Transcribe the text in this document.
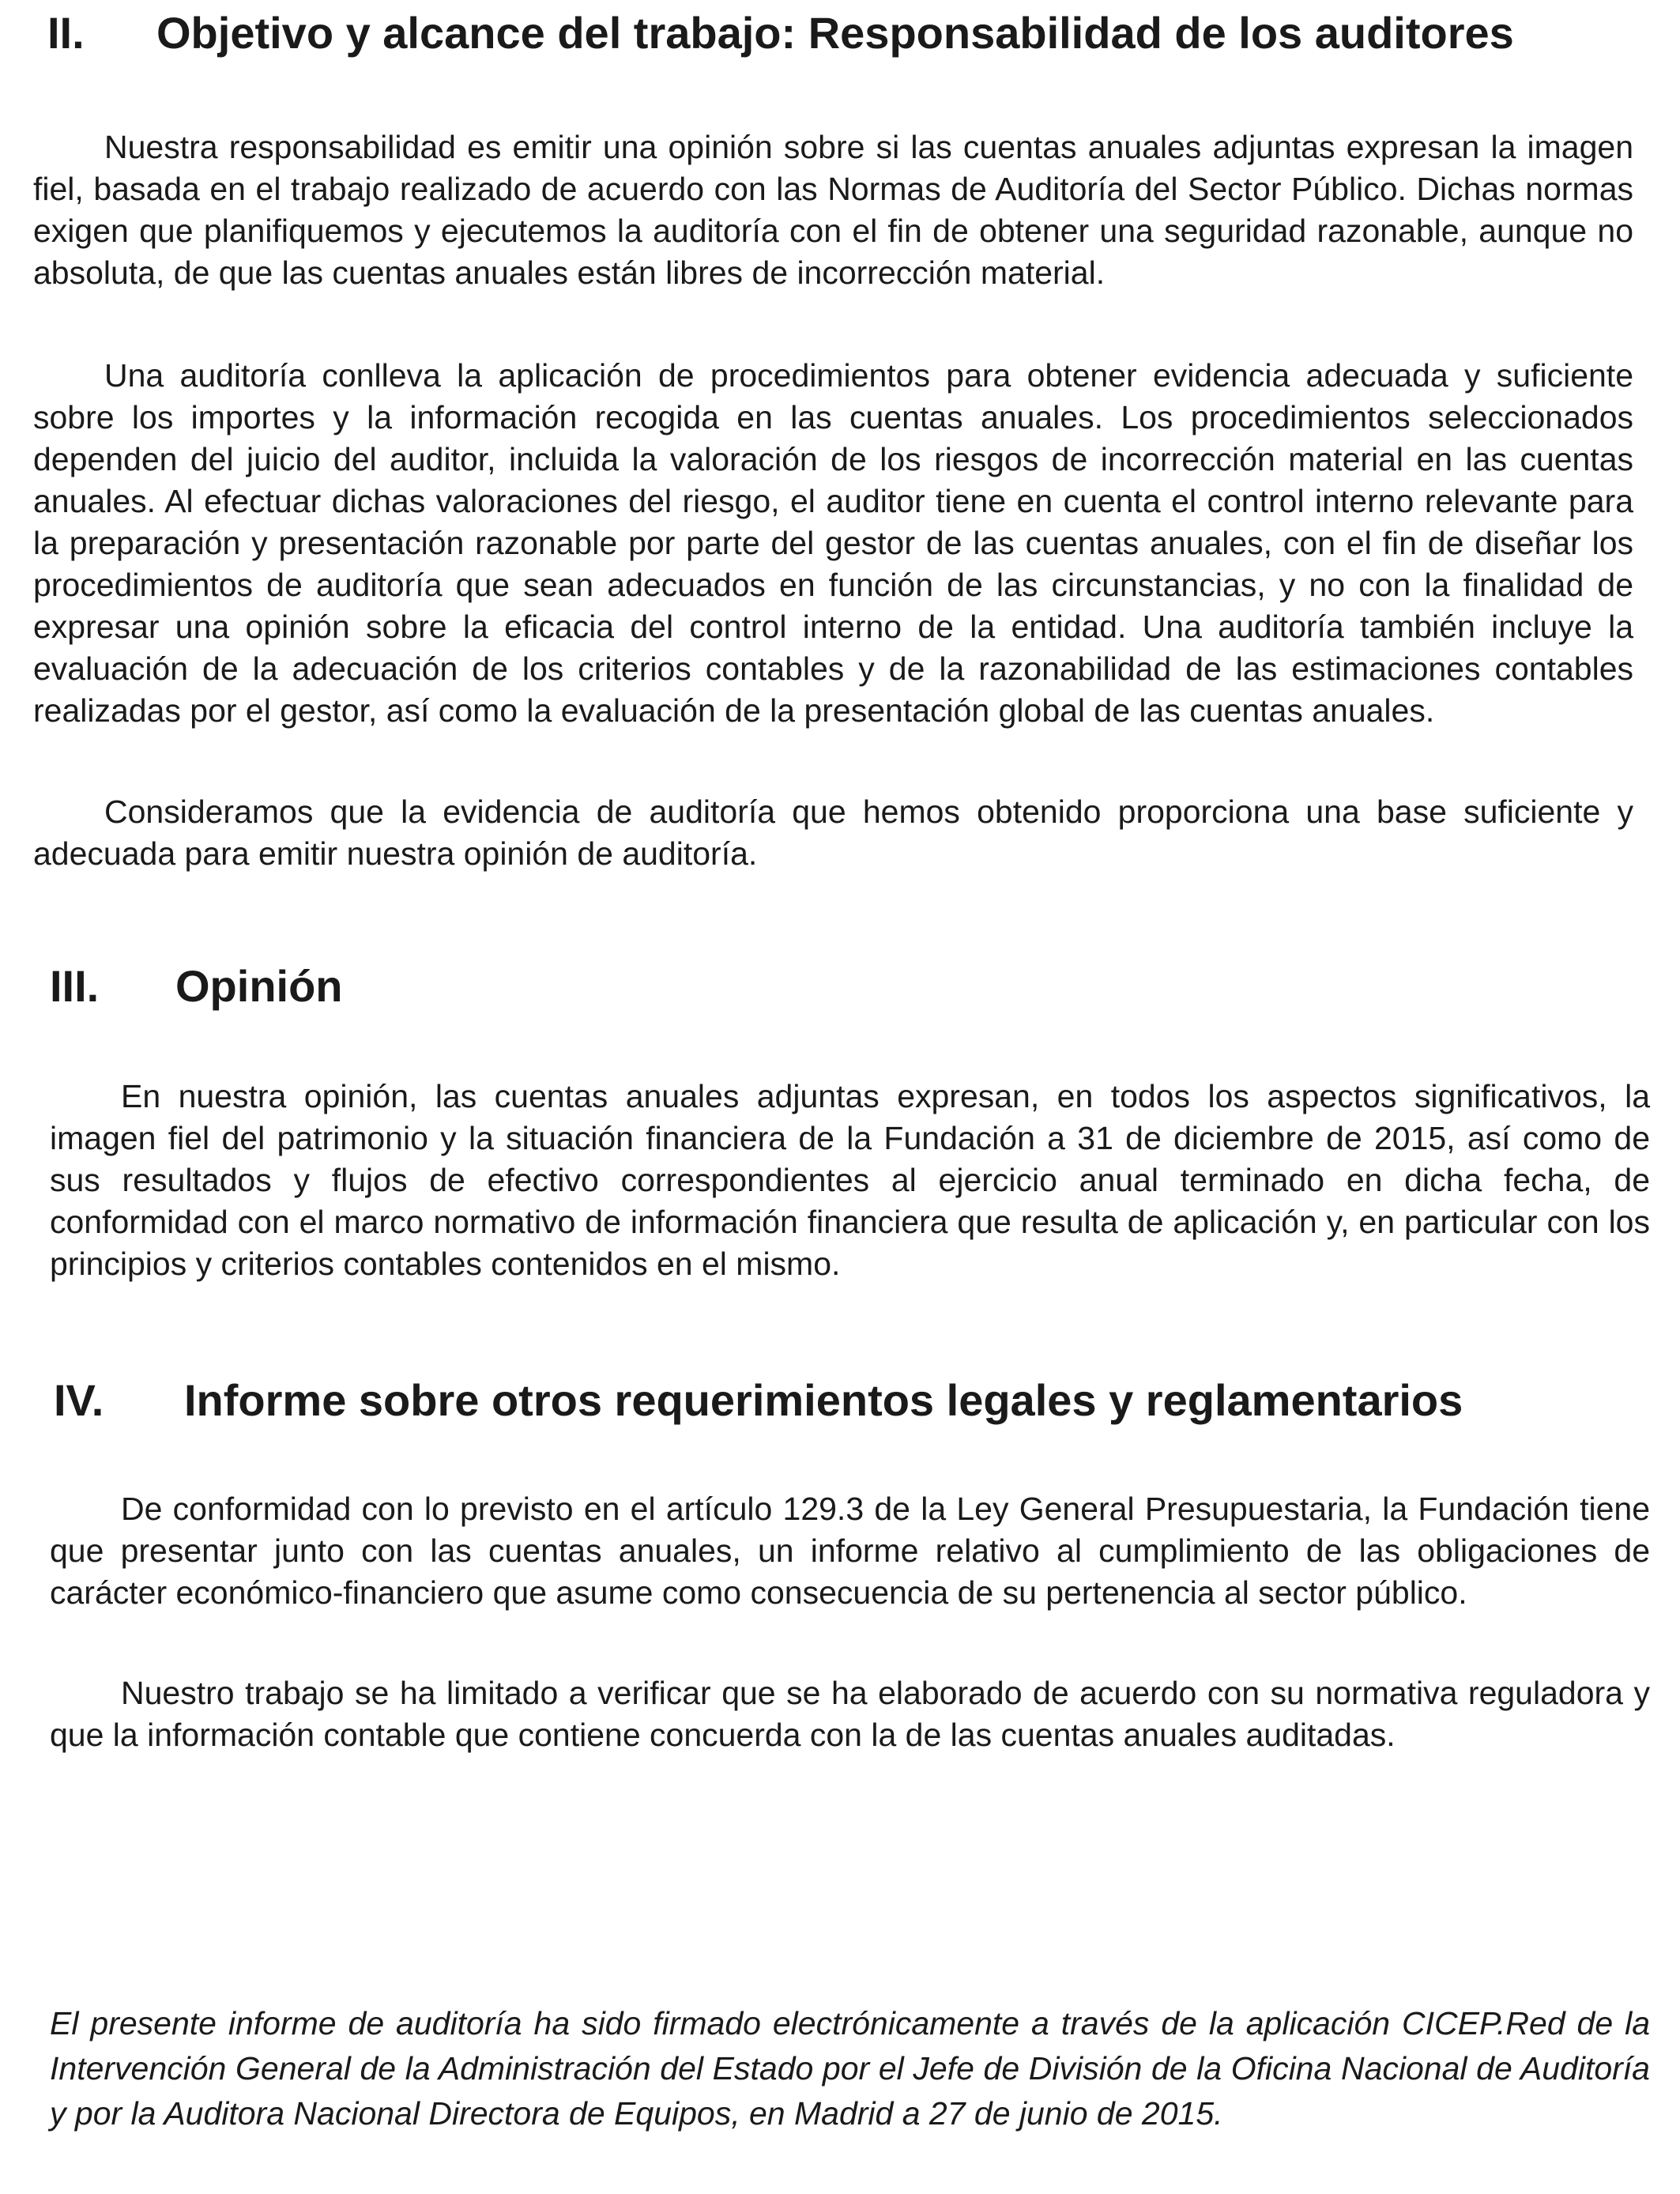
II. Objetivo y alcance del trabajo: Responsabilidad de los auditores

Nuestra responsabilidad es emitir una opinión sobre si las cuentas anuales adjuntas expresan la imagen fiel, basada en el trabajo realizado de acuerdo con las Normas de Auditoría del Sector Público. Dichas normas exigen que planifiquemos y ejecutemos la auditoría con el fin de obtener una seguridad razonable, aunque no absoluta, de que las cuentas anuales están libres de incorrección material.

Una auditoría conlleva la aplicación de procedimientos para obtener evidencia adecuada y suficiente sobre los importes y la información recogida en las cuentas anuales. Los procedimientos seleccionados dependen del juicio del auditor, incluida la valoración de los riesgos de incorrección material en las cuentas anuales. Al efectuar dichas valoraciones del riesgo, el auditor tiene en cuenta el control interno relevante para la preparación y presentación razonable por parte del gestor de las cuentas anuales, con el fin de diseñar los procedimientos de auditoría que sean adecuados en función de las circunstancias, y no con la finalidad de expresar una opinión sobre la eficacia del control interno de la entidad. Una auditoría también incluye la evaluación de la adecuación de los criterios contables y de la razonabilidad de las estimaciones contables realizadas por el gestor, así como la evaluación de la presentación global de las cuentas anuales.

Consideramos que la evidencia de auditoría que hemos obtenido proporciona una base suficiente y adecuada para emitir nuestra opinión de auditoría.

III. Opinión

En nuestra opinión, las cuentas anuales adjuntas expresan, en todos los aspectos significativos, la imagen fiel del patrimonio y la situación financiera de la Fundación a 31 de diciembre de 2015, así como de sus resultados y flujos de efectivo correspondientes al ejercicio anual terminado en dicha fecha, de conformidad con el marco normativo de información financiera que resulta de aplicación y, en particular con los principios y criterios contables contenidos en el mismo.

IV. Informe sobre otros requerimientos legales y reglamentarios

De conformidad con lo previsto en el artículo 129.3 de la Ley General Presupuestaria, la Fundación tiene que presentar junto con las cuentas anuales, un informe relativo al cumplimiento de las obligaciones de carácter económico-financiero que asume como consecuencia de su pertenencia al sector público.

Nuestro trabajo se ha limitado a verificar que se ha elaborado de acuerdo con su normativa reguladora y que la información contable que contiene concuerda con la de las cuentas anuales auditadas.

El presente informe de auditoría ha sido firmado electrónicamente a través de la aplicación CICEP.Red de la Intervención General de la Administración del Estado por el Jefe de División de la Oficina Nacional de Auditoría y por la Auditora Nacional Directora de Equipos, en Madrid a 27 de junio de 2015.
